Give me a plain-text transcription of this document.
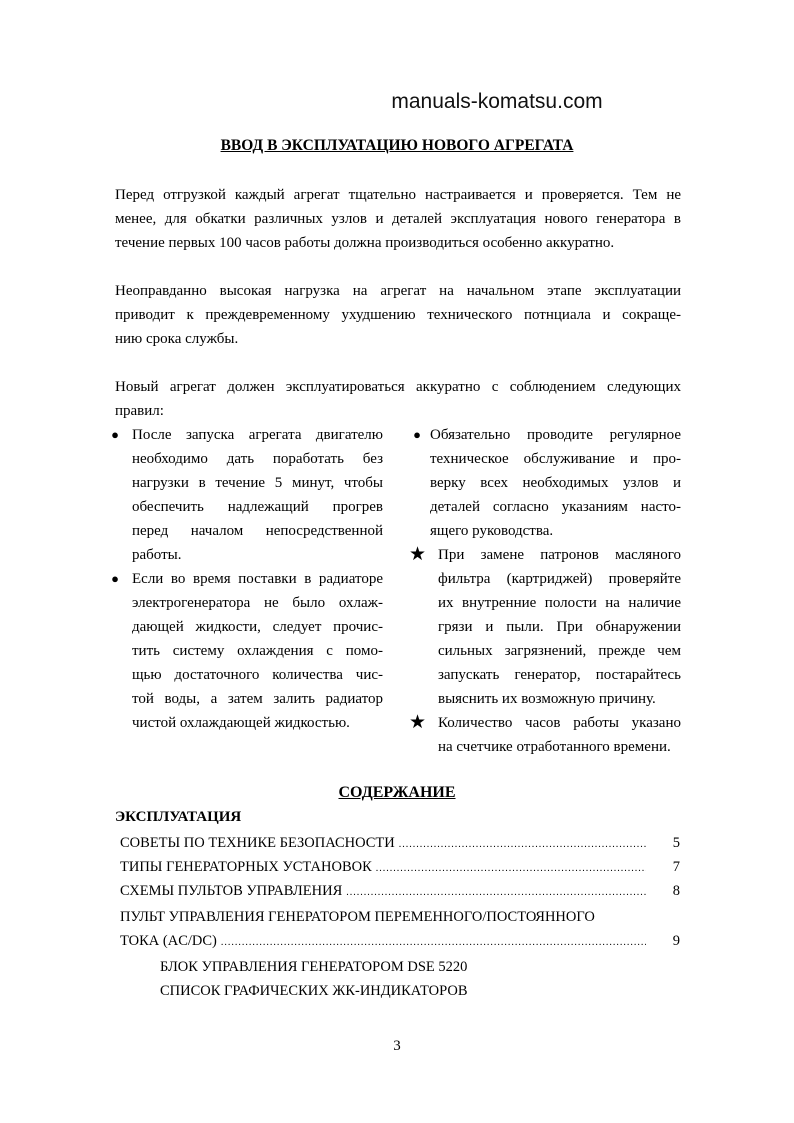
manuals-komatsu.com
ВВОД В ЭКСПЛУАТАЦИЮ НОВОГО АГРЕГАТА
Перед отгрузкой каждый агрегат тщательно настраивается и проверяется. Тем не
менее, для обкатки различных узлов и деталей эксплуатация нового генератора в
течение первых 100 часов работы должна производиться особенно аккуратно.
Неоправданно высокая нагрузка на агрегат на начальном этапе эксплуатации
приводит к преждевременному ухудшению технического потнциала и сокраще-
нию срока службы.
Новый агрегат должен эксплуатироваться аккуратно с соблюдением следующих
правил:
● После запуска агрегата двигателю
необходимо дать поработать без
нагрузки в течение 5 минут, чтобы
обеспечить надлежащий прогрев
перед началом непосредственной
работы.
● Если во время поставки в радиаторе
электрогенератора не было охлаж-
дающей жидкости, следует прочис-
тить систему охлаждения с помо-
щью достаточного количества чис-
той воды, а затем залить радиатор
чистой охлаждающей жидкостью.
● Обязательно проводите регулярное
техническое обслуживание и про-
верку всех необходимых узлов и
деталей согласно указаниям насто-
ящего руководства.
★ При замене патронов масляного
фильтра (картриджей) проверяйте
их внутренние полости на наличие
грязи и пыли. При обнаружении
сильных загрязнений, прежде чем
запускать генератор, постарайтесь
выяснить их возможную причину.
★ Количество часов работы указано
на счетчике отработанного времени.
СОДЕРЖАНИЕ
ЭКСПЛУАТАЦИЯ
СОВЕТЫ ПО ТЕХНИКЕ БЕЗОПАСНОСТИ .....	5
ТИПЫ ГЕНЕРАТОРНЫХ УСТАНОВОК .....	7
СХЕМЫ ПУЛЬТОВ УПРАВЛЕНИЯ .....	8
ПУЛЬТ УПРАВЛЕНИЯ ГЕНЕРАТОРОМ ПЕРЕМЕННОГО/ПОСТОЯННОГО
ТОКА (AC/DC) .....	9
БЛОК УПРАВЛЕНИЯ ГЕНЕРАТОРОМ DSE 5220
СПИСОК ГРАФИЧЕСКИХ ЖК-ИНДИКАТОРОВ
3
